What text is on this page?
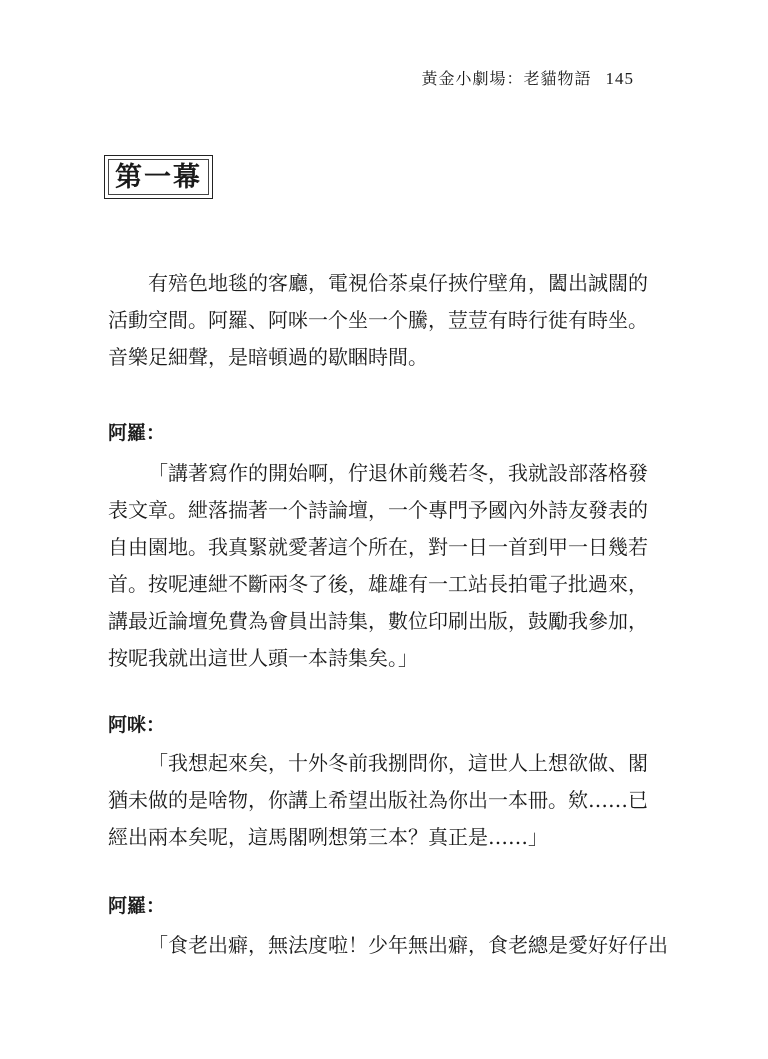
黃金小劇場：老貓物語 145
第一幕
有殕色地毯的客廳，電視佮茶桌仔挾佇壁角，闔出誠闊的
活動空間。阿羅、阿咪一个坐一个騰，荳荳有時行徙有時坐。
音樂足細聲，是暗頓過的歇睏時間。
阿羅：
「講著寫作的開始啊，佇退休前幾若冬，我就設部落格發
表文章。紲落揣著一个詩論壇，一个專門予國內外詩友發表的
自由園地。我真緊就愛著這个所在，對一日一首到甲一日幾若
首。按呢連紲不斷兩冬了後，雄雄有一工站長拍電子批過來，
講最近論壇免費為會員出詩集，數位印刷出版，鼓勵我參加，
按呢我就出這世人頭一本詩集矣。」
阿咪：
「我想起來矣，十外冬前我捌問你，這世人上想欲做、閣
猶未做的是啥物，你講上希望出版社為你出一本冊。欸……已
經出兩本矣呢，這馬閣咧想第三本？真正是……」
阿羅：
「食老出癖，無法度啦！少年無出癖，食老總是愛好好仔出
